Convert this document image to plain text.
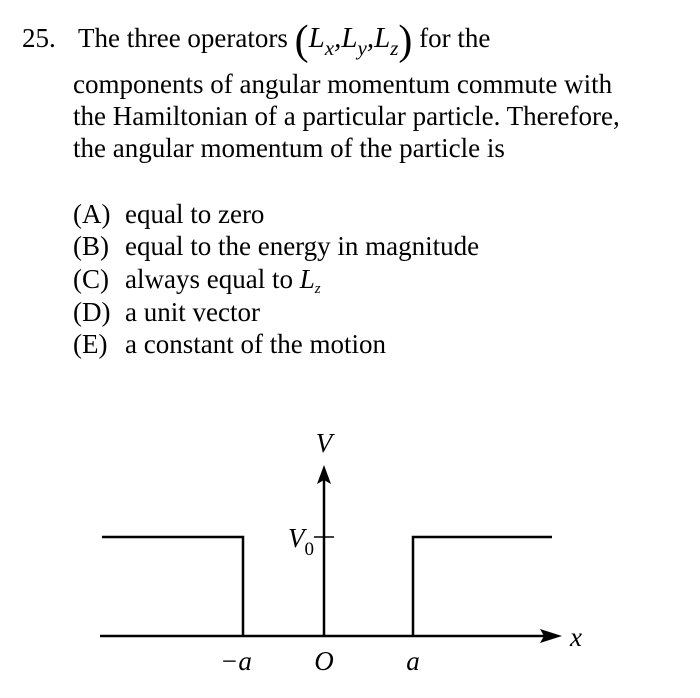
25. The three operators $(L_x,L_y,L_z)$ for the
components of angular momentum commute with
the Hamiltonian of a particular particle. Therefore,
the angular momentum of the particle is
(A) equal to zero
(B) equal to the energy in magnitude
(C) always equal to $L_z$
(D) a unit vector
(E) a constant of the motion
V
x
$V_0$
−a O	a
